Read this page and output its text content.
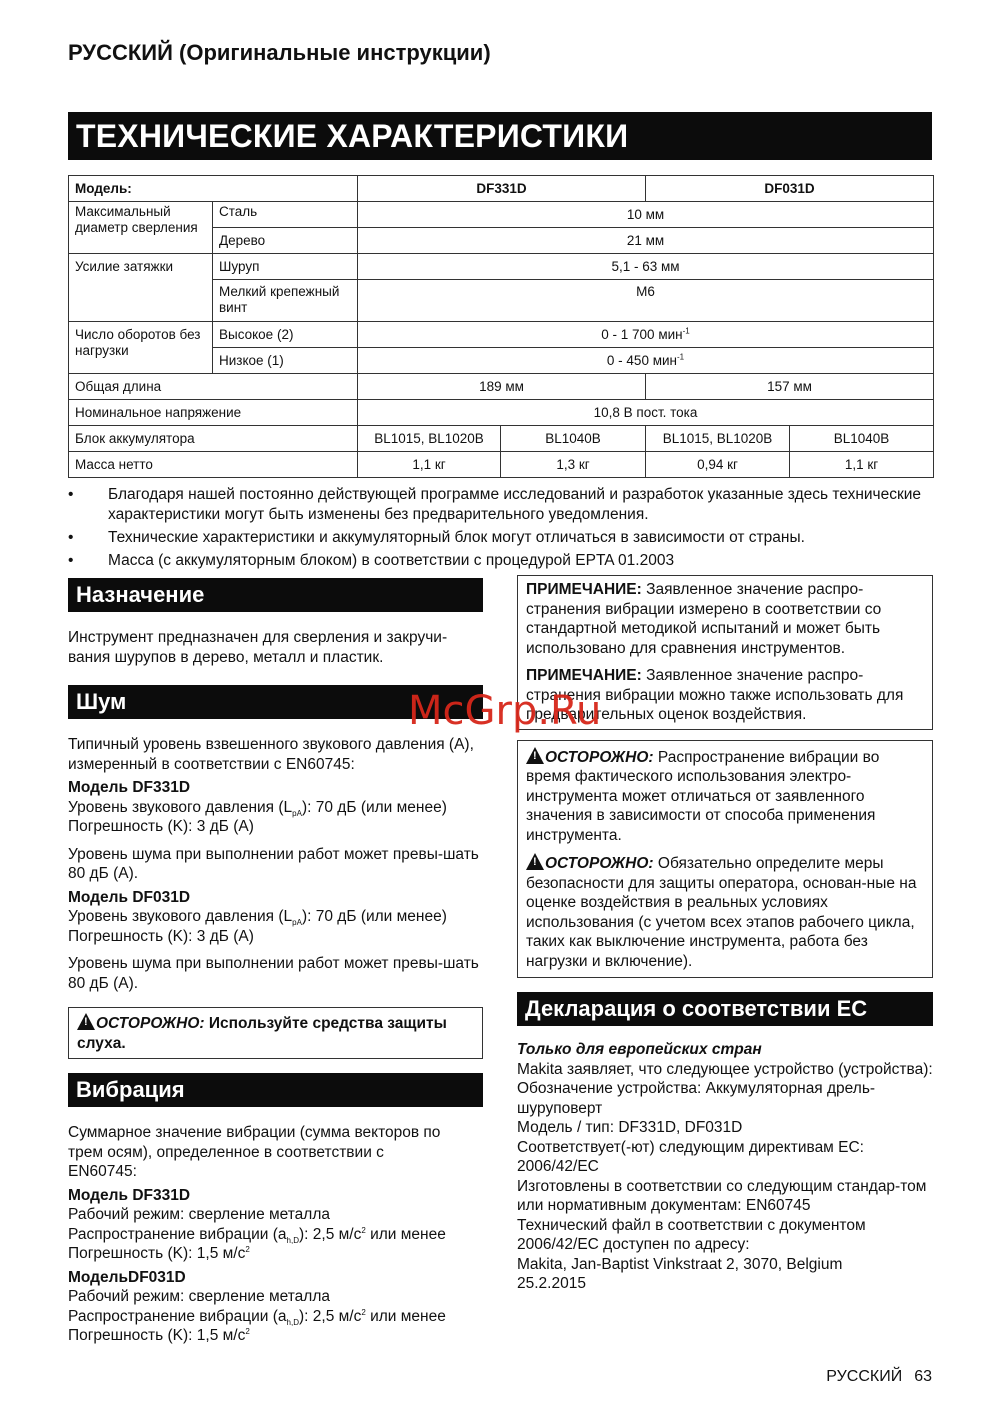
РУССКИЙ (Оригинальные инструкции)
ТЕХНИЧЕСКИЕ ХАРАКТЕРИСТИКИ
Модель:		DF331D		DF031D	
Максимальный диаметр сверления	Сталь	10 мм			
	Дерево	21 мм			
Усилие затяжки	Шуруп	5,1 - 63 мм			
	Мелкий крепежный винт	M6			
Число оборотов без нагрузки	Высокое (2)	0 - 1 700 мин$^{-1}$
	Низкое (1)	0 - 450 мин$^{-1}$
Общая длина		189 мм		157 мм	
Номинальное напряжение		10,8 В пост. тока			
Блок аккумулятора		BL1015, BL1020B	BL1040B	BL1015, BL1020B	BL1040B
Масса нетто		1,1 кг	1,3 кг	0,94 кг	1,1 кг
• Благодаря нашей постоянно действующей программе исследований и разработок указанные здесь технические характеристики могут быть изменены без предварительного уведомления.
• Технические характеристики и аккумуляторный блок могут отличаться в зависимости от страны.
• Масса (с аккумуляторным блоком) в соответствии с процедурой EPTA 01.2003
Назначение
Инструмент предназначен для сверления и закручи-вания шурупов в дерево, металл и пластик.
Шум
Типичный уровень взвешенного звукового давления (A), измеренный в соответствии с EN60745:
Модель DF331D
Уровень звукового давления $(L_{pA})$: 70 дБ (или менее)
Погрешность (K): 3 дБ (A)
Уровень шума при выполнении работ может превы-шать 80 дБ (A).
Модель DF031D
Уровень звукового давления $(L_{pA})$: 70 дБ (или менее)
Погрешность (K): 3 дБ (A)
Уровень шума при выполнении работ может превы-шать 80 дБ (A).
!ОСТОРОЖНО: Используйте средства защиты слуха.
Вибрация
Суммарное значение вибрации (сумма векторов по трем осям), определенное в соответствии с EN60745:
Модель DF331D
Рабочий режим: сверление металла
Распространение вибрации $(a_{h,D})$: 2,5 $м/с^2$ или менее
Погрешность (K): 1,5 $м/с^2$
МодельDF031D
Рабочий режим: сверление металла
Распространение вибрации $(a_{h,D})$: 2,5 $м/с^2$ или менее
Погрешность (K): 1,5 $м/с^2$

ПРИМЕЧАНИЕ: Заявленное значение распро-странения вибрации измерено в соответствии со стандартной методикой испытаний и может быть использовано для сравнения инструментов.

ПРИМЕЧАНИЕ: Заявленное значение распро-странения вибрации можно также использовать для предварительных оценок воздействия.

!ОСТОРОЖНО: Распространение вибрации во время фактического использования электро-инструмента может отличаться от заявленного значения в зависимости от способа применения инструмента.

!ОСТОРОЖНО: Обязательно определите меры безопасности для защиты оператора, основан-ные на оценке воздействия в реальных условиях использования (с учетом всех этапов рабочего цикла, таких как выключение инструмента, работа без нагрузки и включение).

Декларация о соответствии ЕС
Только для европейских стран
Makita заявляет, что следующее устройство (устройства):
Обозначение устройства: Аккумуляторная дрель-шуруповерт
Модель / тип: DF331D, DF031D
Соответствует(-ют) следующим директивам ЕС: 2006/42/EC
Изготовлены в соответствии со следующим стандар-том или нормативным документам: EN60745
Технический файл в соответствии с документом 2006/42/EC доступен по адресу:
Makita, Jan-Baptist Vinkstraat 2, 3070, Belgium
25.2.2015
McGrp.Ru
РУССКИЙ 63
